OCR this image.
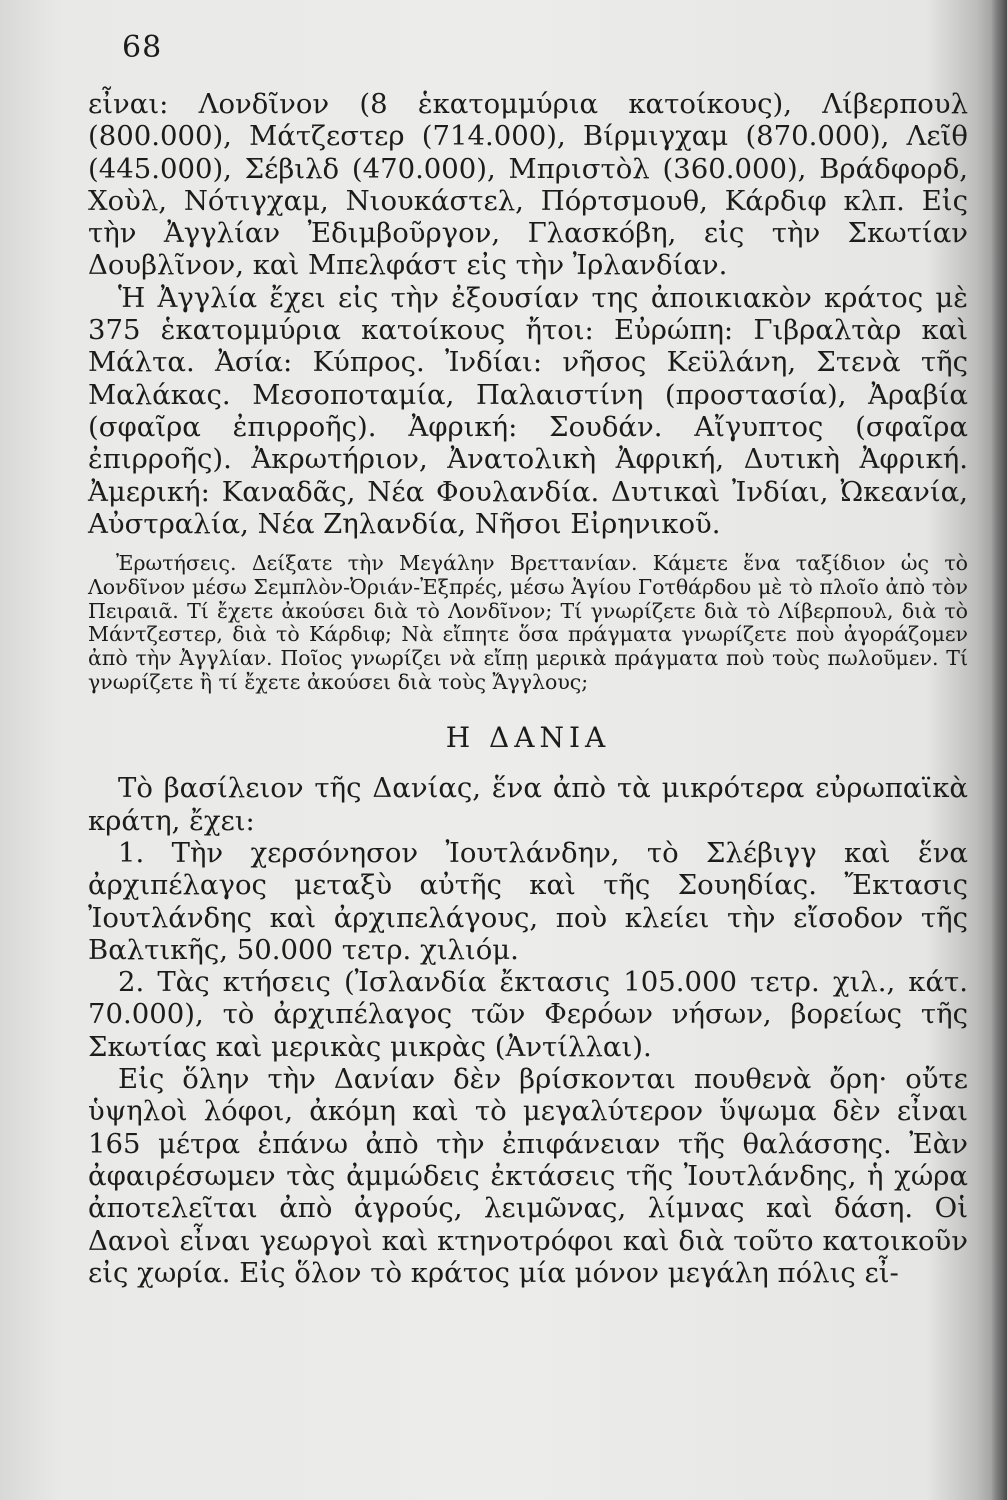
68

εἶναι: Λονδῖνον (8 ἑκατομμύρια κατοίκους), Λίβερπουλ (800.000), Μάτζεστερ (714.000), Βίρμιγχαμ (870.000), Λεῖθ (445.000), Σέβιλδ (470.000), Μπριστὸλ (360.000), Βράδφορδ, Χοὺλ, Νότιγχαμ, Νιουκάστελ, Πόρτσμουθ, Κάρδιφ κλπ. Εἰς τὴν Ἀγγλίαν Ἐδιμβοῦργον, Γλασκόβη, εἰς τὴν Σκωτίαν Δουβλῖνον, καὶ Μπελφάστ εἰς τὴν Ἰρλανδίαν.

Ἡ Ἀγγλία ἔχει εἰς τὴν ἐξουσίαν της ἀποικιακὸν κράτος μὲ 375 ἑκατομμύρια κατοίκους ἤτοι: Εὐρώπη: Γιβραλτὰρ καὶ Μάλτα. Ἀσία: Κύπρος. Ἰνδίαι: νῆσος Κεϋλάνη, Στενὰ τῆς Μαλάκας. Μεσοποταμία, Παλαιστίνη (προστασία), Ἀραβία (σφαῖρα ἐπιρροῆς). Ἀφρική: Σουδάν. Αἴγυπτος (σφαῖρα ἐπιρροῆς). Ἀκρωτήριον, Ἀνατολικὴ Ἀφρική, Δυτικὴ Ἀφρική. Ἀμερική: Καναδᾶς, Νέα Φουλανδία. Δυτικαὶ Ἰνδίαι, Ὠκεανία, Αὐστραλία, Νέα Ζηλανδία, Νῆσοι Εἰρηνικοῦ.

Ἐρωτήσεις. Δείξατε τὴν Μεγάλην Βρεττανίαν. Κάμετε ἕνα ταξίδιον ὡς τὸ Λονδῖνον μέσω Σεμπλὸν-Ὀριάν-Ἐξπρές, μέσω Ἁγίου Γοτθάρδου μὲ τὸ πλοῖο ἀπὸ τὸν Πειραιᾶ. Τί ἔχετε ἀκούσει διὰ τὸ Λονδῖνον; Τί γνωρίζετε διὰ τὸ Λίβερπουλ, διὰ τὸ Μάντζεστερ, διὰ τὸ Κάρδιφ; Νὰ εἴπητε ὅσα πράγματα γνωρίζετε ποὺ ἀγοράζομεν ἀπὸ τὴν Ἀγγλίαν. Ποῖος γνωρίζει νὰ εἴπῃ μερικὰ πράγματα ποὺ τοὺς πωλοῦμεν. Τί γνωρίζετε ἢ τί ἔχετε ἀκούσει διὰ τοὺς Ἄγγλους;

Η ΔΑΝΙΑ

Τὸ βασίλειον τῆς Δανίας, ἕνα ἀπὸ τὰ μικρότερα εὐρωπαϊκὰ κράτη, ἔχει:

1. Τὴν χερσόνησον Ἰουτλάνδην, τὸ Σλέβιγγ καὶ ἕνα ἀρχιπέλαγος μεταξὺ αὐτῆς καὶ τῆς Σουηδίας. Ἔκτασις Ἰουτλάνδης καὶ ἀρχιπελάγους, ποὺ κλείει τὴν εἴσοδον τῆς Βαλτικῆς, 50.000 τετρ. χιλιόμ.

2. Τὰς κτήσεις (Ἰσλανδία ἔκτασις 105.000 τετρ. χιλ., κάτ. 70.000), τὸ ἀρχιπέλαγος τῶν Φερόων νήσων, βορείως τῆς Σκωτίας καὶ μερικὰς μικρὰς (Ἀντίλλαι).

Εἰς ὅλην τὴν Δανίαν δὲν βρίσκονται πουθενὰ ὄρη· οὔτε ὑψηλοὶ λόφοι, ἀκόμη καὶ τὸ μεγαλύτερον ὕψωμα δὲν εἶναι 165 μέτρα ἐπάνω ἀπὸ τὴν ἐπιφάνειαν τῆς θαλάσσης. Ἐὰν ἀφαιρέσωμεν τὰς ἀμμώδεις ἐκτάσεις τῆς Ἰουτλάνδης, ἡ χώρα ἀποτελεῖται ἀπὸ ἀγρούς, λειμῶνας, λίμνας καὶ δάση. Οἱ Δανοὶ εἶναι γεωργοὶ καὶ κτηνοτρόφοι καὶ διὰ τοῦτο κατοικοῦν εἰς χωρία. Εἰς ὅλον τὸ κράτος μία μόνον μεγάλη πόλις εἶ-
